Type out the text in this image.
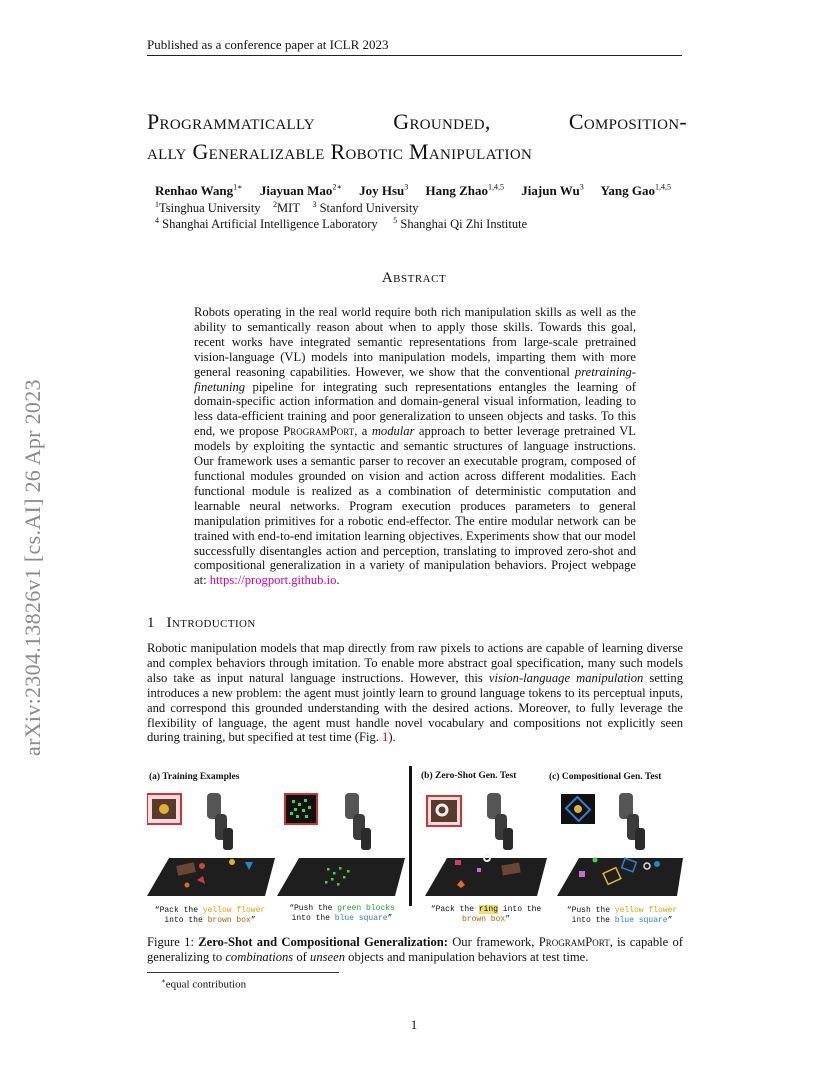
Published as a conference paper at ICLR 2023
Programmatically Grounded, Composition-
ally Generalizable Robotic Manipulation
Renhao Wang$^{1∗}$ Jiayuan Mao$^{2∗}$ Joy Hsu$^3$ Hang Zhao$^{1,4,5}$ Jiajun Wu$^3$ Yang Gao$^{1,4,5}$
$^1$Tsinghua University $^2$MIT $^3$ Stanford University
$^4$ Shanghai Artificial Intelligence Laboratory $^5$ Shanghai Qi Zhi Institute
arXiv:2304.13826v1 [cs.AI] 26 Apr 2023
Abstract
Robots operating in the real world require both rich manipulation skills as well as the ability to semantically reason about when to apply those skills. Towards this goal, recent works have integrated semantic representations from large-scale pretrained vision-language (VL) models into manipulation models, imparting them with more general reasoning capabilities. However, we show that the conventional pretraining-finetuning pipeline for integrating such representations entangles the learning of domain-specific action information and domain-general visual information, leading to less data-efficient training and poor generalization to unseen objects and tasks. To this end, we propose ProgramPort, a modular approach to better leverage pretrained VL models by exploiting the syntactic and semantic structures of language instructions. Our framework uses a semantic parser to recover an executable program, composed of functional modules grounded on vision and action across different modalities. Each functional module is realized as a combination of deterministic computation and learnable neural networks. Program execution produces parameters to general manipulation primitives for a robotic end-effector. The entire modular network can be trained with end-to-end imitation learning objectives. Experiments show that our model successfully disentangles action and perception, translating to improved zero-shot and compositional generalization in a variety of manipulation behaviors. Project webpage at: https://progport.github.io.
1 Introduction
Robotic manipulation models that map directly from raw pixels to actions are capable of learning diverse and complex behaviors through imitation. To enable more abstract goal specification, many such models also take as input natural language instructions. However, this vision-language manipulation setting introduces a new problem: the agent must jointly learn to ground language tokens to its perceptual inputs, and correspond this grounded understanding with the desired actions. Moreover, to fully leverage the flexibility of language, the agent must handle novel vocabulary and compositions not explicitly seen during training, but specified at test time (Fig. 1).
(a) Training Examples	(b) Zero-Shot Gen. Test	(c) Compositional Gen. Test
“Pack the yellow flower
into the brown box”
“Push the green blocks
into the blue square”
“Pack the ring into the
brown box”
“Push the yellow flower
into the blue square”
Figure 1: Zero-Shot and Compositional Generalization: Our framework, ProgramPort, is capable of generalizing to combinations of unseen objects and manipulation behaviors at test time.
∗equal contribution
1
